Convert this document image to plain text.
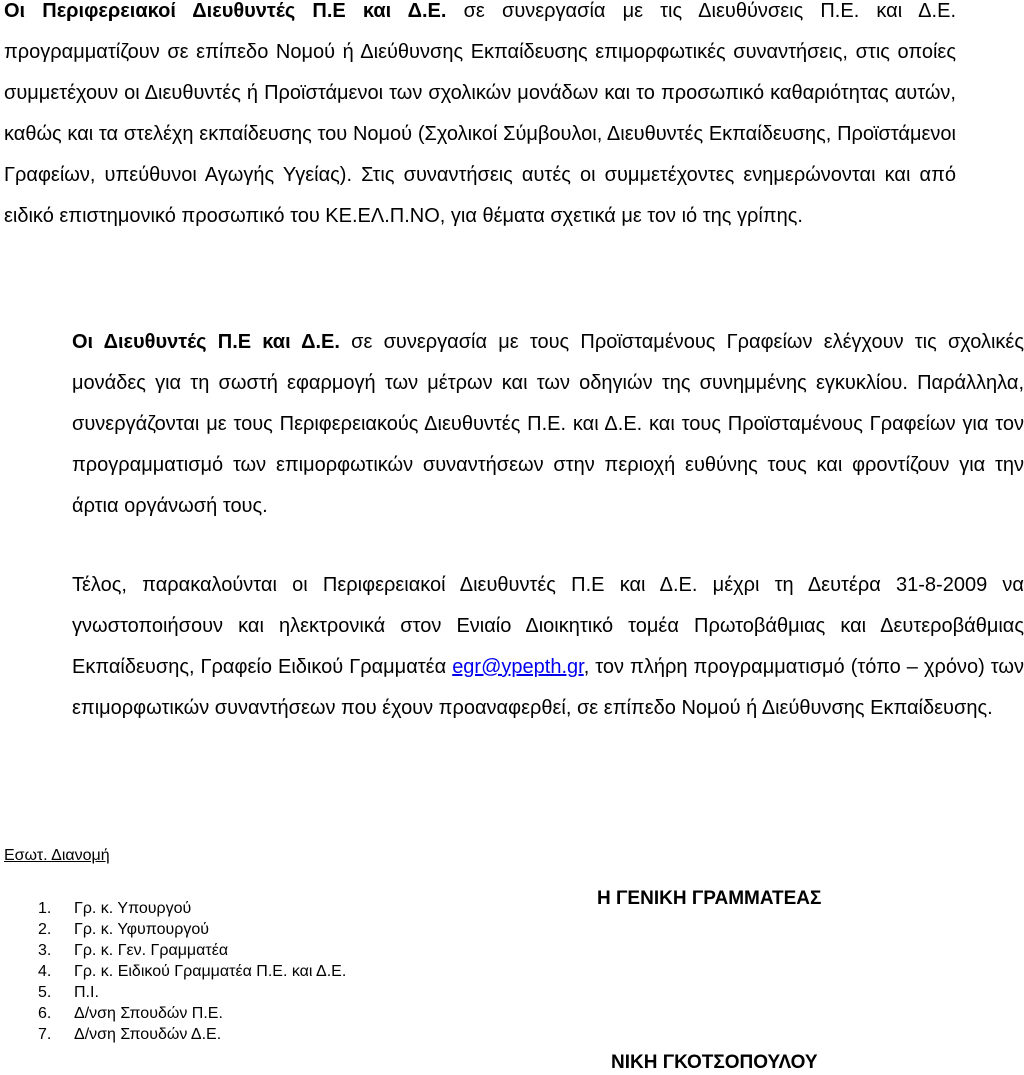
Οι Περιφερειακοί Διευθυντές Π.Ε και Δ.Ε. σε συνεργασία με τις Διευθύνσεις Π.Ε. και Δ.Ε. προγραμματίζουν σε επίπεδο Νομού ή Διεύθυνσης Εκπαίδευσης επιμορφωτικές συναντήσεις, στις οποίες συμμετέχουν οι Διευθυντές ή Προϊστάμενοι των σχολικών μονάδων και το προσωπικό καθαριότητας αυτών, καθώς και τα στελέχη εκπαίδευσης του Νομού (Σχολικοί Σύμβουλοι, Διευθυντές Εκπαίδευσης, Προϊστάμενοι Γραφείων, υπεύθυνοι Αγωγής Υγείας). Στις συναντήσεις αυτές οι συμμετέχοντες ενημερώνονται και από ειδικό επιστημονικό προσωπικό του ΚΕ.ΕΛ.Π.ΝΟ, για θέματα σχετικά με τον ιό της γρίπης.

Οι Διευθυντές Π.Ε και Δ.Ε. σε συνεργασία με τους Προϊσταμένους Γραφείων ελέγχουν τις σχολικές μονάδες για τη σωστή εφαρμογή των μέτρων και των οδηγιών της συνημμένης εγκυκλίου. Παράλληλα, συνεργάζονται με τους Περιφερειακούς Διευθυντές Π.Ε. και Δ.Ε. και τους Προϊσταμένους Γραφείων για τον προγραμματισμό των επιμορφωτικών συναντήσεων στην περιοχή ευθύνης τους και φροντίζουν για την άρτια οργάνωσή τους.

Τέλος, παρακαλούνται οι Περιφερειακοί Διευθυντές Π.Ε και Δ.Ε. μέχρι τη Δευτέρα 31-8-2009 να γνωστοποιήσουν και ηλεκτρονικά στον Ενιαίο Διοικητικό τομέα Πρωτοβάθμιας και Δευτεροβάθμιας Εκπαίδευσης, Γραφείο Ειδικού Γραμματέα egr@ypepth.gr, τον πλήρη προγραμματισμό (τόπο – χρόνο) των επιμορφωτικών συναντήσεων που έχουν προαναφερθεί, σε επίπεδο Νομού ή Διεύθυνσης Εκπαίδευσης.

Εσωτ. Διανομή
1.	Γρ. κ. Υπουργού
2.	Γρ. κ. Υφυπουργού
3.	Γρ. κ. Γεν. Γραμματέα
4.	Γρ. κ. Ειδικού Γραμματέα Π.Ε. και Δ.Ε.
5.	Π.Ι.
6.	Δ/νση Σπουδών Π.Ε.
7.	Δ/νση Σπουδών Δ.Ε.
Η ΓΕΝΙΚΗ ΓΡΑΜΜΑΤΕΑΣ
ΝΙΚΗ ΓΚΟΤΣΟΠΟΥΛΟΥ
